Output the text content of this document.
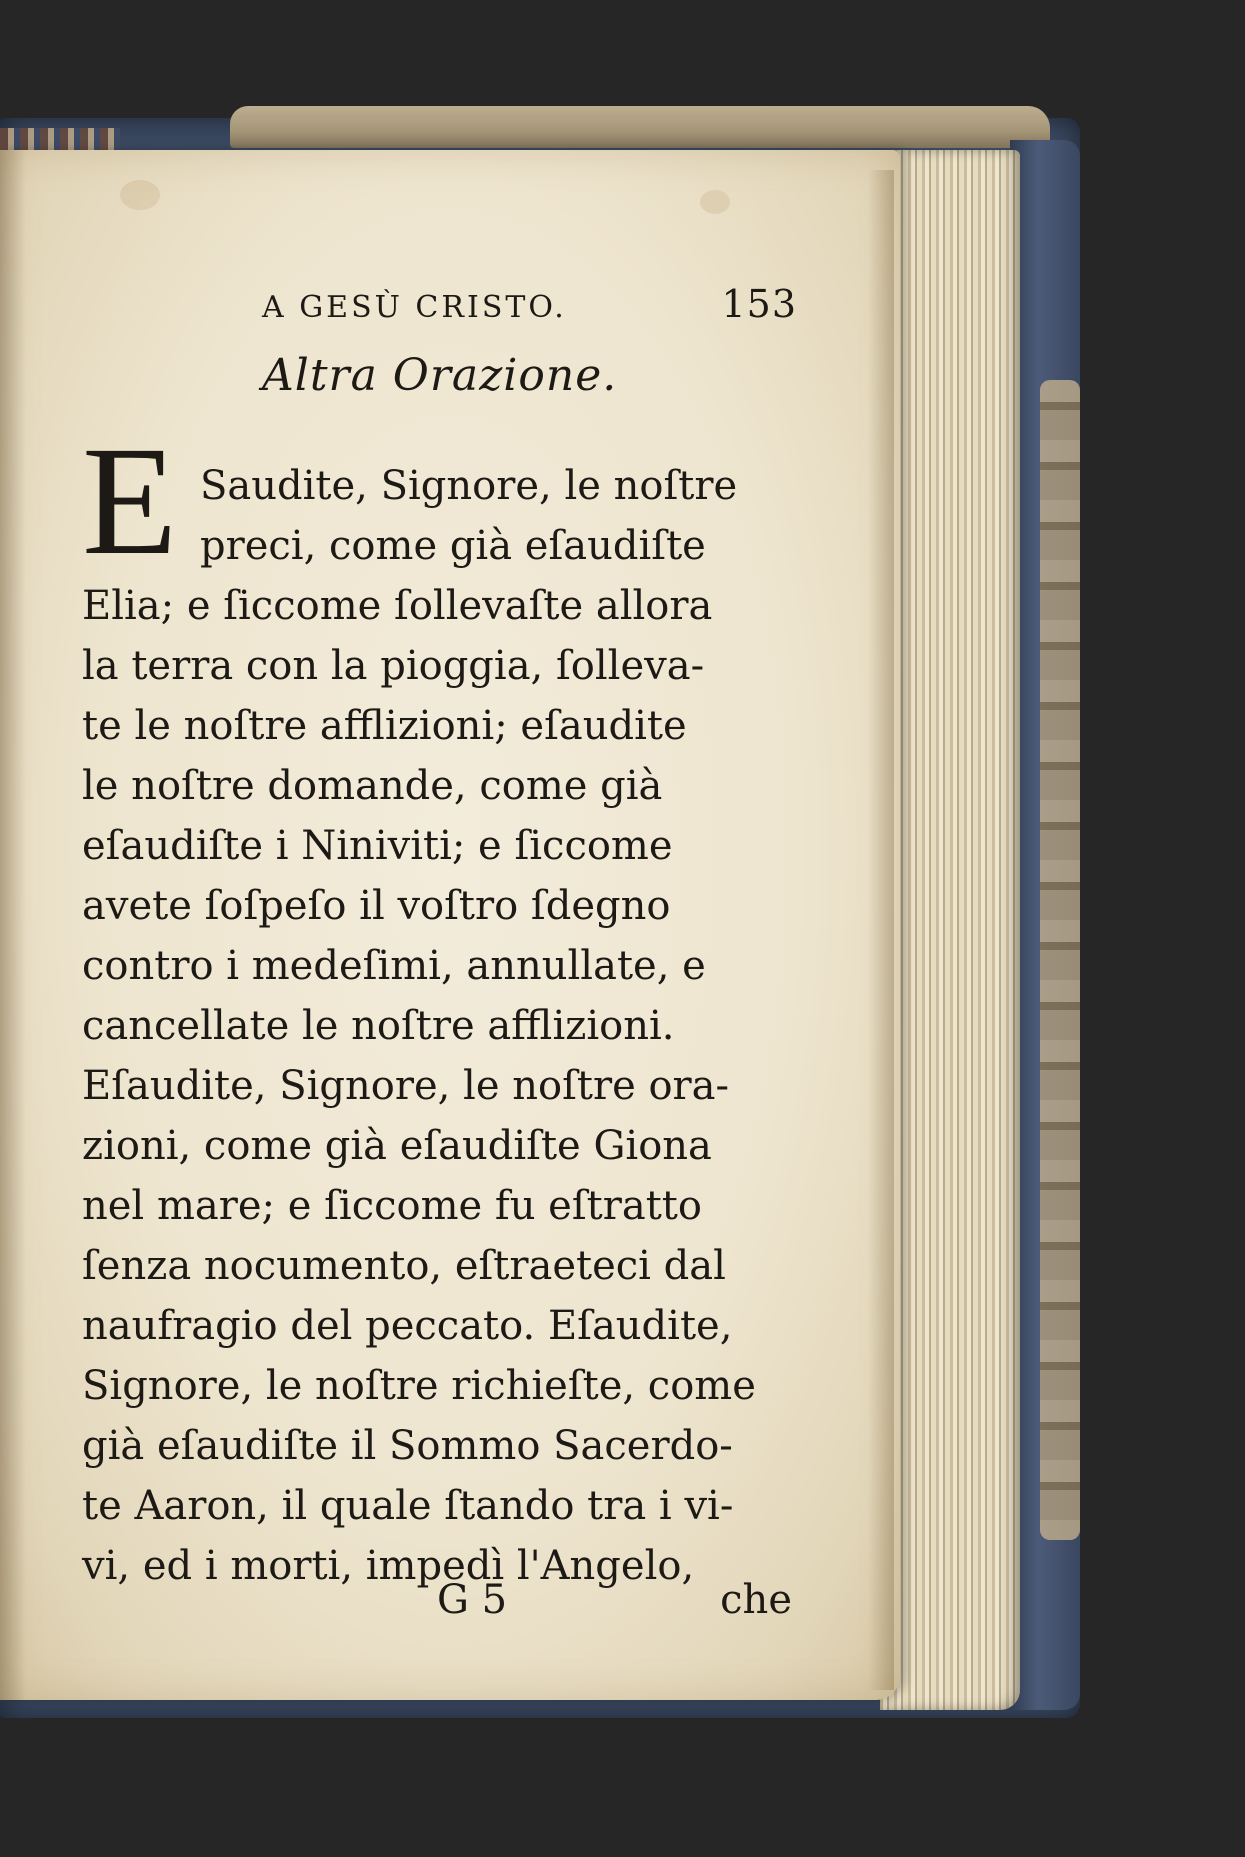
A GESÙ CRISTO.	153
Altra Orazione.
E Saudite, Signore, le noſtre
preci, come già eſaudiſte
Elia; e ſiccome ſollevaſte allora
la terra con la pioggia, ſolleva-
te le noſtre afflizioni; eſaudite
le noſtre domande, come già
eſaudiſte i Niniviti; e ſiccome
avete ſoſpeſo il voſtro ſdegno
contro i medeſimi, annullate, e
cancellate le noſtre afflizioni.
Eſaudite, Signore, le noſtre ora-
zioni, come già eſaudiſte Giona
nel mare; e ſiccome fu eſtratto
ſenza nocumento, eſtraeteci dal
naufragio del peccato. Eſaudite,
Signore, le noſtre richieſte, come
già eſaudiſte il Sommo Sacerdo-
te Aaron, il quale ſtando tra i vi-
vi, ed i morti, impedì l'Angelo,
G 5	che
